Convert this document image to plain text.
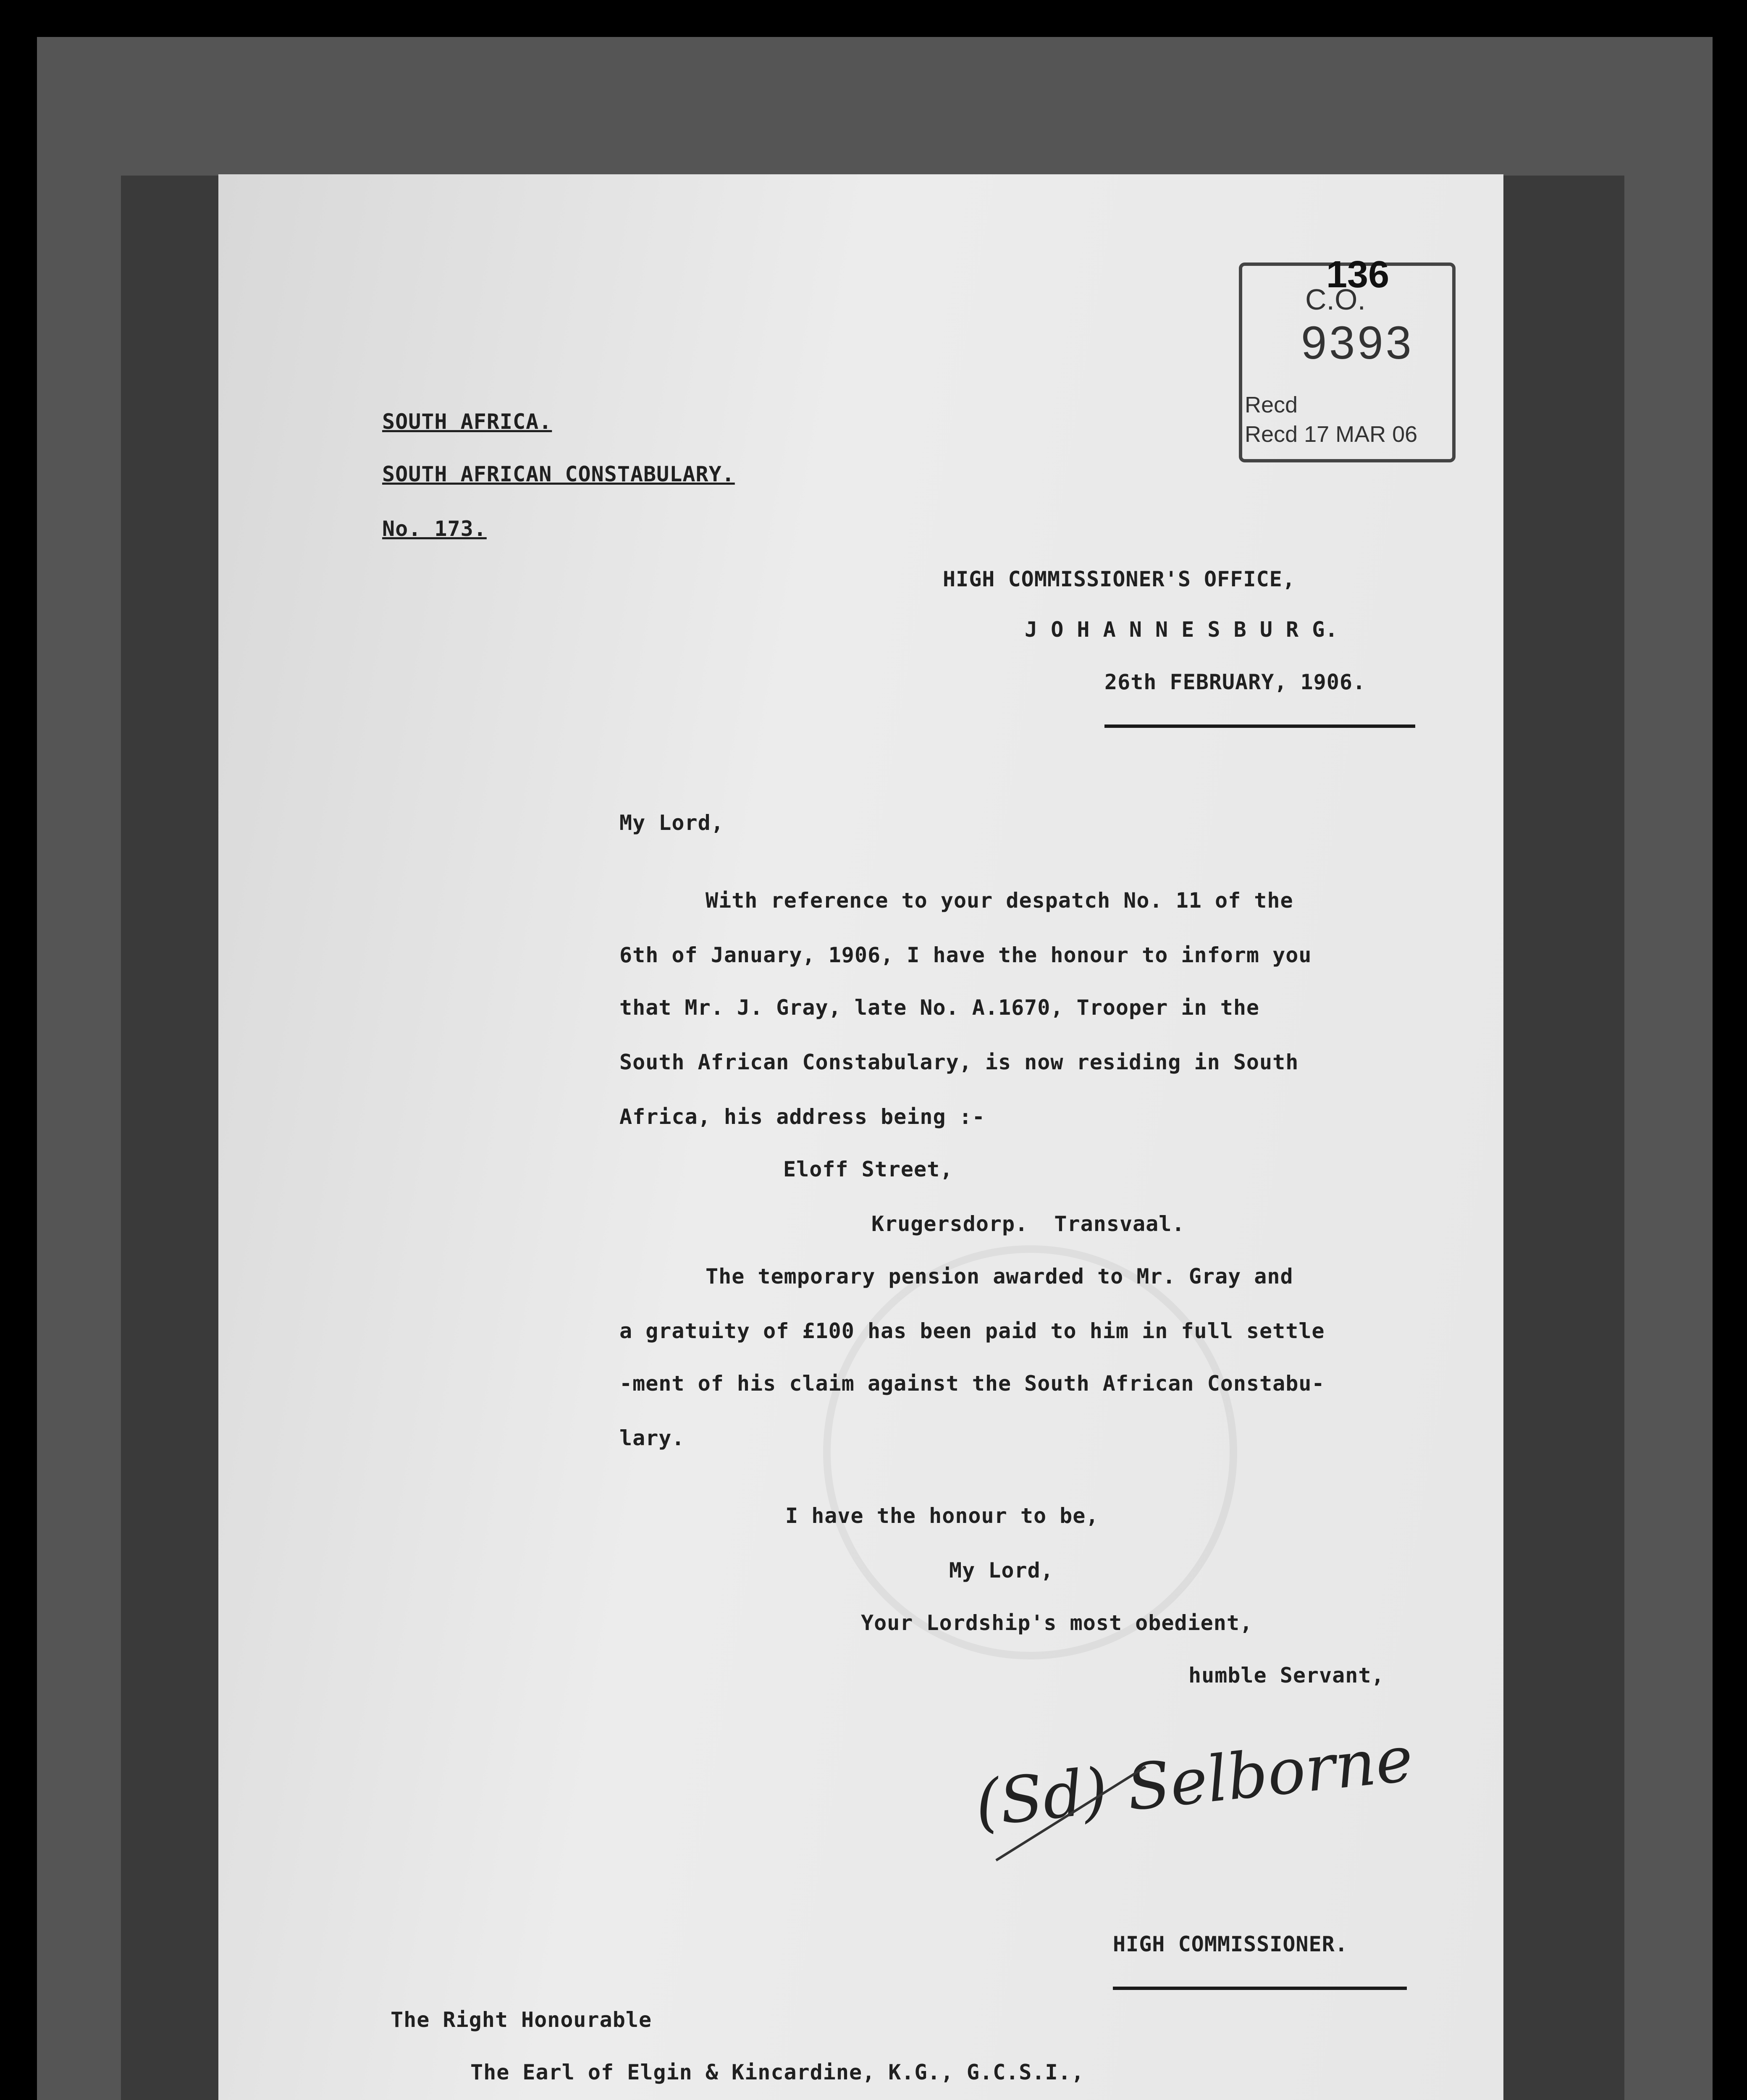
136
C.O.
9393
Recd
Recd 17 MAR 06
SOUTH AFRICA.
SOUTH AFRICAN CONSTABULARY.
No. 173.
HIGH COMMISSIONER'S OFFICE,
J O H A N N E S B U R G.
26th FEBRUARY, 1906.
My Lord,
With reference to your despatch No. 11 of the
6th of January, 1906, I have the honour to inform you
that Mr. J. Gray, late No. A.1670, Trooper in the
South African Constabulary, is now residing in South
Africa, his address being :-
Eloff Street,
Krugersdorp.  Transvaal.
The temporary pension awarded to Mr. Gray and
a gratuity of £100 has been paid to him in full settle
-ment of his claim against the South African Constabu-
lary.
I have the honour to be,
My Lord,
Your Lordship's most obedient,
humble Servant,
(Sd) Selborne
HIGH COMMISSIONER.
The Right Honourable
The Earl of Elgin & Kincardine, K.G., G.C.S.I.,
